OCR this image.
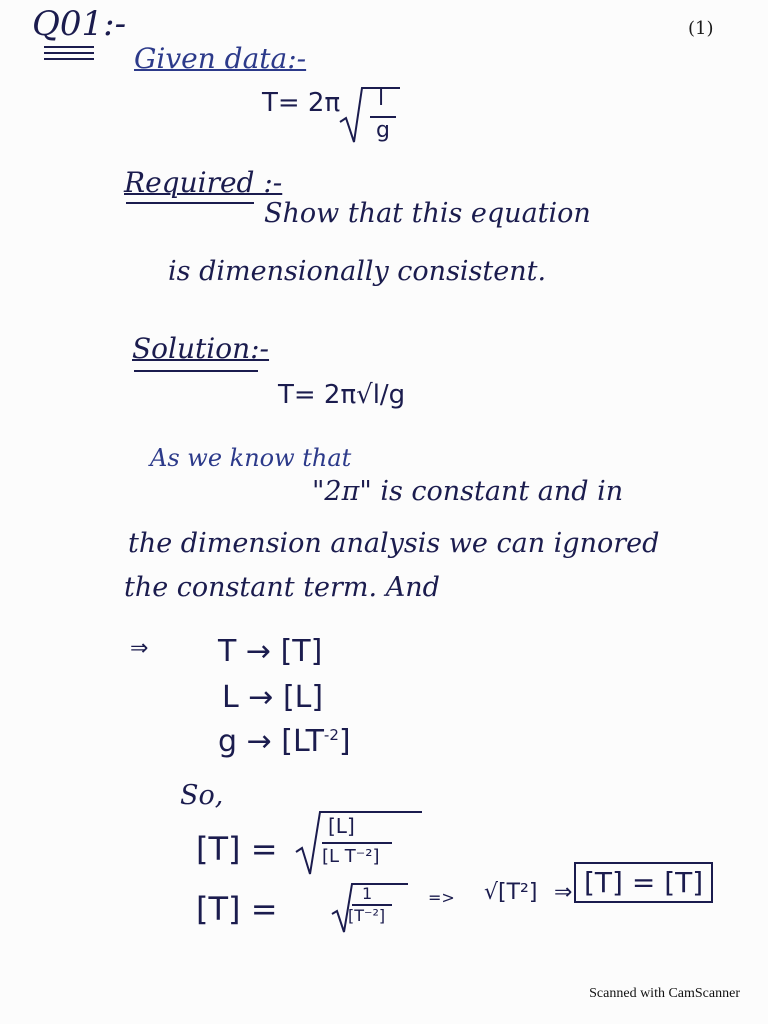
(1)
Q01:-
Given data:-
T= 2π l
g
Required :-
Show that this equation
is dimensionally consistent.
Solution:-
T= 2π√l/g
As we know that
"2π" is constant and in
the dimension analysis we can ignored
the constant term. And
⇒ T → [T]
L → [L]
$g \to [LT^{-2}]$
So,
[T] =
[L]
[L T⁻²]
[T] =	1
[T⁻²]
=> √[T²] ⇒ [T] = [T]
Scanned with CamScanner
